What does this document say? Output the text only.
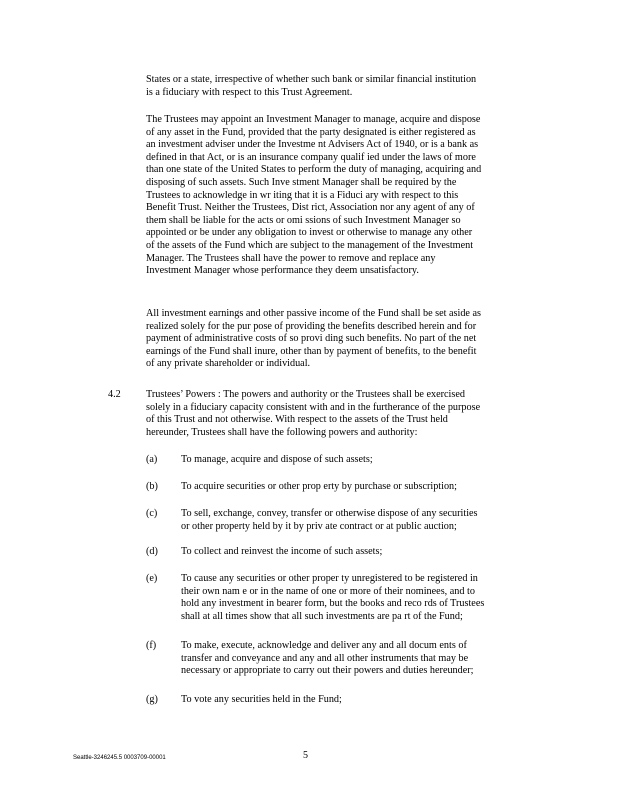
States or a state, irrespective of whether such bank or similar financial institution
is a fiduciary with respect to this Trust Agreement.

The Trustees may appoint an Investment Manager to manage, acquire and dispose
of any asset in the Fund, provided that the party designated is either registered as
an investment adviser under the Investme nt Advisers Act of 1940, or is a bank as
defined in that Act, or is an insurance company qualif ied under the laws of more
than one state of the United States to perform the duty of managing, acquiring and
disposing of such assets. Such Inve stment Manager shall be required by the
Trustees to acknowledge in wr iting that it is a Fiduci ary with respect to this
Benefit Trust. Neither the Trustees, Dist rict, Association nor any agent of any of
them shall be liable for the acts or omi ssions of such Investment Manager so
appointed or be under any obligation to invest or otherwise to manage any other
of the assets of the Fund which are subject to the management of the Investment
Manager. The Trustees shall have the power to remove and replace any
Investment Manager whose performance they deem unsatisfactory.

All investment earnings and other passive income of the Fund shall be set aside as
realized solely for the pur pose of providing the benefits described herein and for
payment of administrative costs of so provi ding such benefits. No part of the net
earnings of the Fund shall inure, other than by payment of benefits, to the benefit
of any private shareholder or individual.

4.2 Trustees’ Powers : The powers and authority or the Trustees shall be exercised
solely in a fiduciary capacity consistent with and in the furtherance of the purpose
of this Trust and not otherwise. With respect to the assets of the Trust held
hereunder, Trustees shall have the following powers and authority:

(a)	To manage, acquire and dispose of such assets;
(b)	To acquire securities or other prop erty by purchase or subscription;
(c)	To sell, exchange, convey, transfer or otherwise dispose of any securities
or other property held by it by priv ate contract or at public auction;
(d)	To collect and reinvest the income of such assets;
(e)	To cause any securities or other proper ty unregistered to be registered in
their own nam e or in the name of one or more of their nominees, and to
hold any investment in bearer form, but the books and reco rds of Trustees
shall at all times show that all such investments are pa rt of the Fund;
(f)	To make, execute, acknowledge and deliver any and all docum ents of
transfer and conveyance and any and all other instruments that may be
necessary or appropriate to carry out their powers and duties hereunder;
(g)	To vote any securities held in the Fund;
Seattle-3246245.5 0003709-00001	5
